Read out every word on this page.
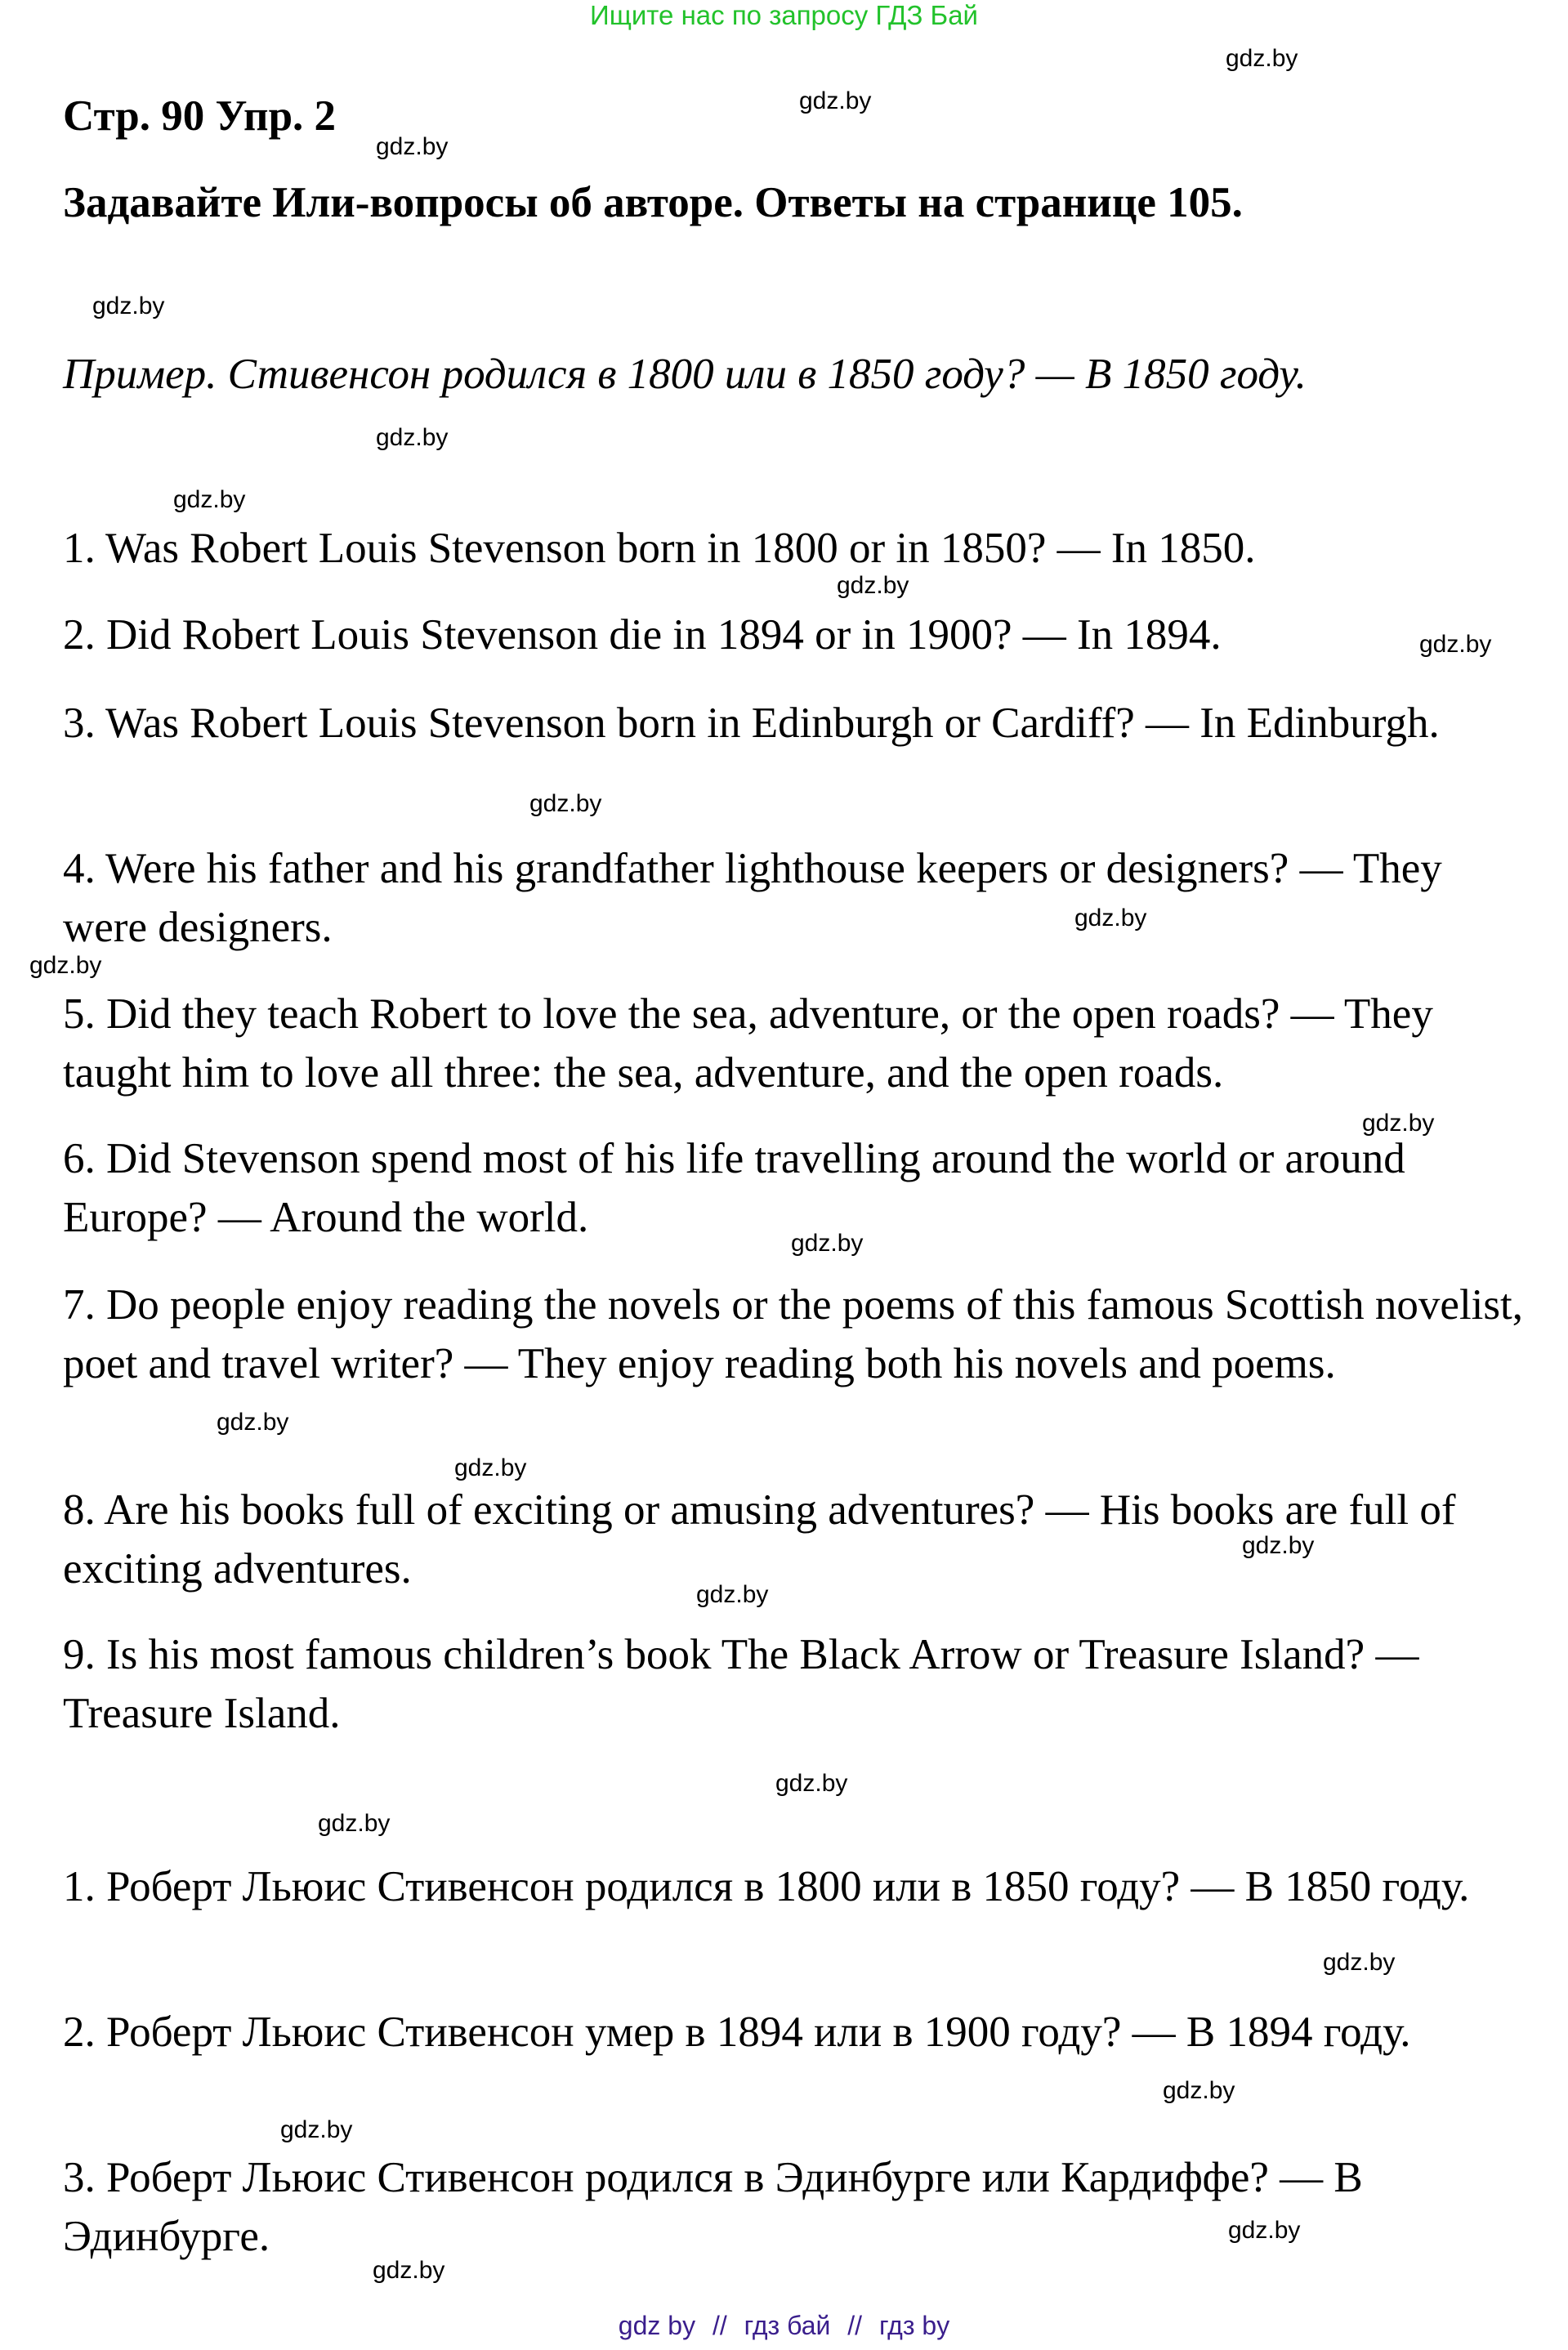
Ищите нас по запросу ГДЗ Бай
Стр. 90 Упр. 2
Задавайте Или-вопросы об авторе. Ответы на странице 105.
Пример. Стивенсон родился в 1800 или в 1850 году? — В 1850 году.
1. Was Robert Louis Stevenson born in 1800 or in 1850? — In 1850.
2. Did Robert Louis Stevenson die in 1894 or in 1900? — In 1894.
3. Was Robert Louis Stevenson born in Edinburgh or Cardiff? — In Edinburgh.
4. Were his father and his grandfather lighthouse keepers or designers? — They were designers.
5. Did they teach Robert to love the sea, adventure, or the open roads? — They taught him to love all three: the sea, adventure, and the open roads.
6. Did Stevenson spend most of his life travelling around the world or around Europe? — Around the world.
7. Do people enjoy reading the novels or the poems of this famous Scottish novelist, poet and travel writer? — They enjoy reading both his novels and poems.
8. Are his books full of exciting or amusing adventures? — His books are full of exciting adventures.
9. Is his most famous children’s book The Black Arrow or Treasure Island? — Treasure Island.
1. Роберт Льюис Стивенсон родился в 1800 или в 1850 году? — В 1850 году.
2. Роберт Льюис Стивенсон умер в 1894 или в 1900 году? — В 1894 году.
3. Роберт Льюис Стивенсон родился в Эдинбурге или Кардиффе? — В Эдинбурге.
gdz.by
gdz.by
gdz.by
gdz.by
gdz.by
gdz.by
gdz.by
gdz.by
gdz.by
gdz.by
gdz.by
gdz.by
gdz.by
gdz.by
gdz.by
gdz.by
gdz.by
gdz.by
gdz.by
gdz.by
gdz.by
gdz.by
gdz.by
gdz.by
gdz by // гдз бай // гдз by
